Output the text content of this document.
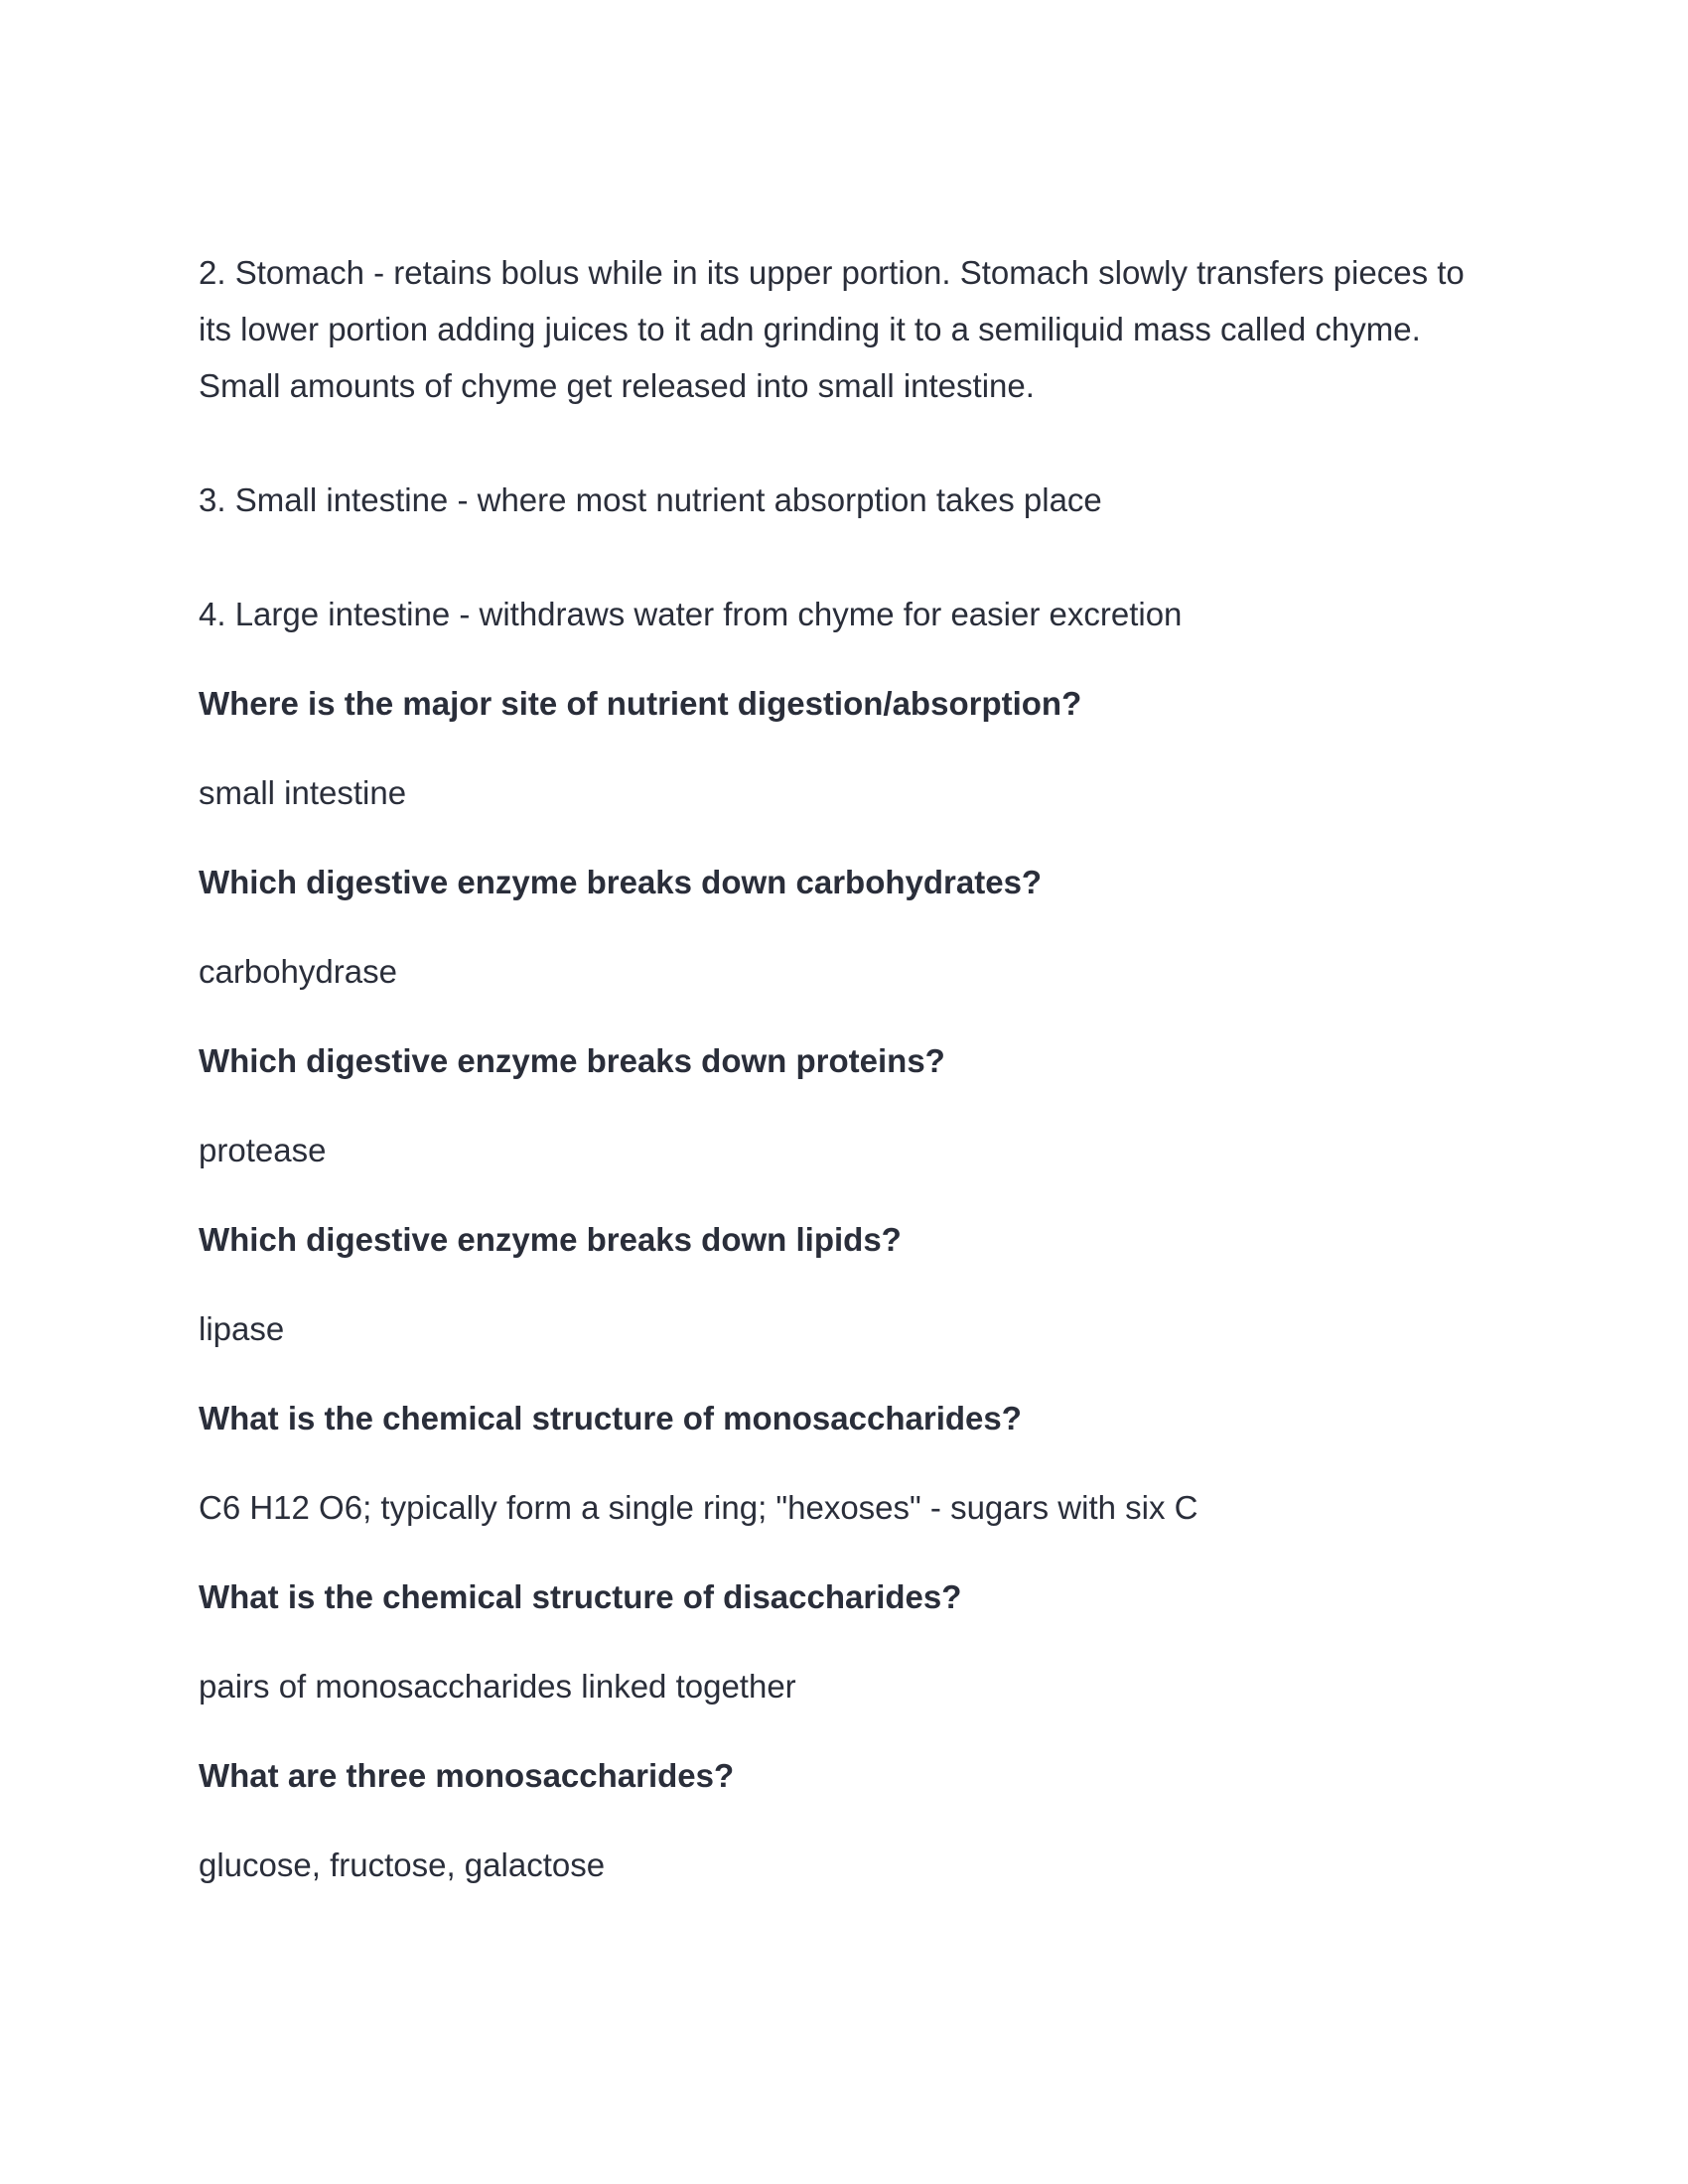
2. Stomach - retains bolus while in its upper portion. Stomach slowly transfers pieces to its lower portion adding juices to it adn grinding it to a semiliquid mass called chyme. Small amounts of chyme get released into small intestine.

3. Small intestine - where most nutrient absorption takes place

4. Large intestine - withdraws water from chyme for easier excretion

Where is the major site of nutrient digestion/absorption?

small intestine

Which digestive enzyme breaks down carbohydrates?

carbohydrase

Which digestive enzyme breaks down proteins?

protease

Which digestive enzyme breaks down lipids?

lipase

What is the chemical structure of monosaccharides?

C6 H12 O6; typically form a single ring; "hexoses" - sugars with six C

What is the chemical structure of disaccharides?

pairs of monosaccharides linked together

What are three monosaccharides?

glucose, fructose, galactose
